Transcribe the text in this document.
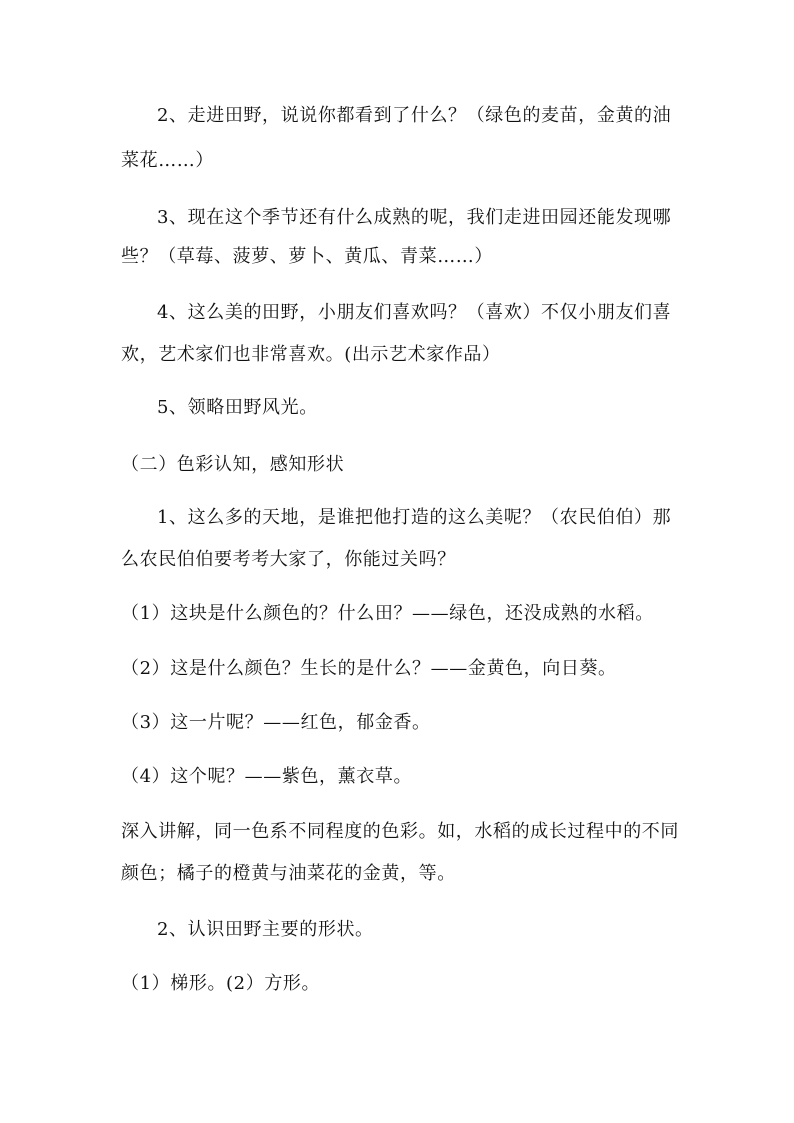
2、走进田野，说说你都看到了什么？（绿色的麦苗，金黄的油
菜花……）
3、现在这个季节还有什么成熟的呢，我们走进田园还能发现哪
些？（草莓、菠萝、萝卜、黄瓜、青菜……）
4、这么美的田野，小朋友们喜欢吗？（喜欢）不仅小朋友们喜
欢，艺术家们也非常喜欢。(出示艺术家作品）
5、领略田野风光。
（二）色彩认知，感知形状
1、这么多的天地，是谁把他打造的这么美呢？（农民伯伯）那
么农民伯伯要考考大家了，你能过关吗？
（1）这块是什么颜色的？什么田？——绿色，还没成熟的水稻。
（2）这是什么颜色？生长的是什么？——金黄色，向日葵。
（3）这一片呢？——红色，郁金香。
（4）这个呢？——紫色，薰衣草。
深入讲解，同一色系不同程度的色彩。如，水稻的成长过程中的不同
颜色；橘子的橙黄与油菜花的金黄，等。
2、认识田野主要的形状。
（1）梯形。(2）方形。
